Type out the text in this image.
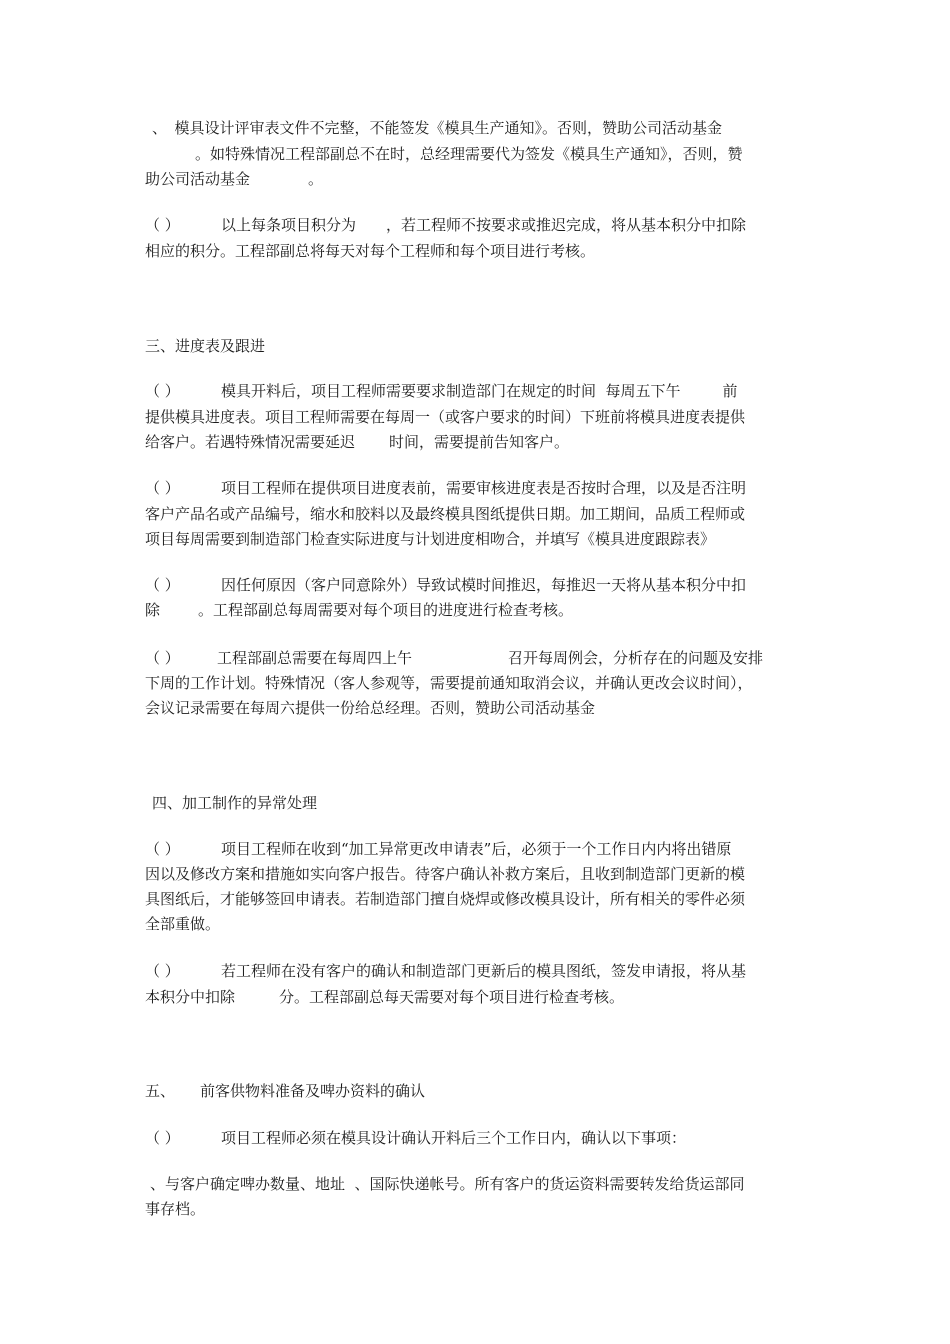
、　模具设计评审表文件不完整，不能签发《模具生产通知》。否则，赞助公司活动基金
。如特殊情况工程部副总不在时，总经理需要代为签发《模具生产通知》，否则，赞
助公司活动基金	。
（ ）	以上每条项目积分为 ，若工程师不按要求或推迟完成，将从基本积分中扣除
相应的积分。工程部副总将每天对每个工程师和每个项目进行考核。
三、进度表及跟进
（ ）	模具开料后，项目工程师需要要求制造部门在规定的时间  每周五下午	前
提供模具进度表。项目工程师需要在每周一（或客户要求的时间）下班前将模具进度表提供
给客户。若遇特殊情况需要延迟 时间，需要提前告知客户。
（ ）	项目工程师在提供项目进度表前，需要审核进度表是否按时合理，以及是否注明
客户产品名或产品编号，缩水和胶料以及最终模具图纸提供日期。加工期间，品质工程师或
项目每周需要到制造部门检查实际进度与计划进度相吻合，并填写《模具进度跟踪表》
（ ）	因任何原因（客户同意除外）导致试模时间推迟，每推迟一天将从基本积分中扣
除	。工程部副总每周需要对每个项目的进度进行检查考核。
（ ） 工程部副总需要在每周四上午	召开每周例会，分析存在的问题及安排
下周的工作计划。特殊情况（客人参观等，需要提前通知取消会议，并确认更改会议时间），
会议记录需要在每周六提供一份给总经理。否则，赞助公司活动基金
四、加工制作的异常处理
（ ）	项目工程师在收到“加工异常更改申请表”后，必须于一个工作日内内将出错原
因以及修改方案和措施如实向客户报告。待客户确认补救方案后，且收到制造部门更新的模
具图纸后，才能够签回申请表。若制造部门擅自烧焊或修改模具设计，所有相关的零件必须
全部重做。
（ ）	若工程师在没有客户的确认和制造部门更新后的模具图纸，签发申请报，将从基
本积分中扣除	分。工程部副总每天需要对每个项目进行检查考核。
五、 前客供物料准备及啤办资料的确认
（ ）	项目工程师必须在模具设计确认开料后三个工作日内，确认以下事项：
、与客户确定啤办数量、地址  、国际快递帐号。所有客户的货运资料需要转发给货运部同
事存档。
